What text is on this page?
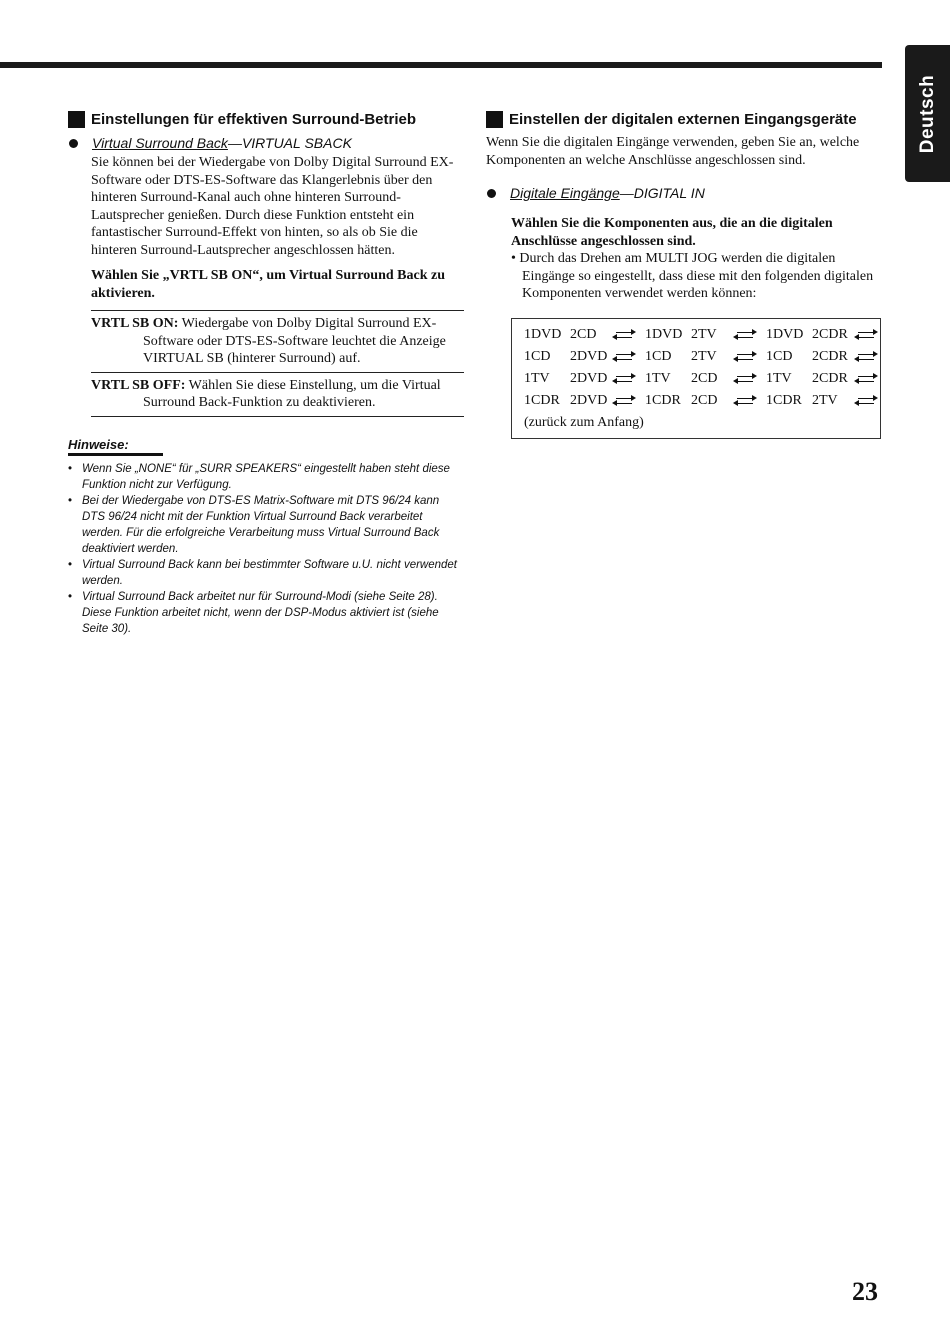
Deutsch
Einstellungen für effektiven Surround-Betrieb
Virtual Surround Back —VIRTUAL SBACK

Sie können bei der Wiedergabe von Dolby Digital Surround EX-Software oder DTS-ES-Software das Klangerlebnis über den hinteren Surround-Kanal auch ohne hinteren Surround-Lautsprecher genießen. Durch diese Funktion entsteht ein fantastischer Surround-Effekt von hinten, so als ob Sie die hinteren Surround-Lautsprecher angeschlossen hätten.

Wählen Sie „VRTL SB ON“, um Virtual Surround Back zu aktivieren.

VRTL SB ON: Wiedergabe von Dolby Digital Surround EX-Software oder DTS-ES-Software leuchtet die Anzeige VIRTUAL SB (hinterer Surround) auf.
VRTL SB OFF: Wählen Sie diese Einstellung, um die Virtual Surround Back-Funktion zu deaktivieren.
Hinweise:
• Wenn Sie „NONE“ für „SURR SPEAKERS“ eingestellt haben steht diese Funktion nicht zur Verfügung.
• Bei der Wiedergabe von DTS-ES Matrix-Software mit DTS 96/24 kann DTS 96/24 nicht mit der Funktion Virtual Surround Back verarbeitet werden. Für die erfolgreiche Verarbeitung muss Virtual Surround Back deaktiviert werden.
• Virtual Surround Back kann bei bestimmter Software u.U. nicht verwendet werden.
• Virtual Surround Back arbeitet nur für Surround-Modi (siehe Seite 28). Diese Funktion arbeitet nicht, wenn der DSP-Modus aktiviert ist (siehe Seite 30).
Einstellen der digitalen externen Eingangsgeräte

Wenn Sie die digitalen Eingänge verwenden, geben Sie an, welche Komponenten an welche Anschlüsse angeschlossen sind.

Digitale Eingänge —DIGITAL IN

Wählen Sie die Komponenten aus, die an die digitalen Anschlüsse angeschlossen sind.

• Durch das Drehen am MULTI JOG werden die digitalen Eingänge so eingestellt, dass diese mit den folgenden digitalen Komponenten verwendet werden können:
1DVD 2CD	1DVD 2TV	1DVD 2CDR
1CD	2DVD	1CD	2TV	1CD	2CDR
1TV	2DVD	1TV	2CD	1TV	2CDR
1CDR 2DVD	1CDR 2CD	1CDR 2TV
(zurück zum Anfang)
23
